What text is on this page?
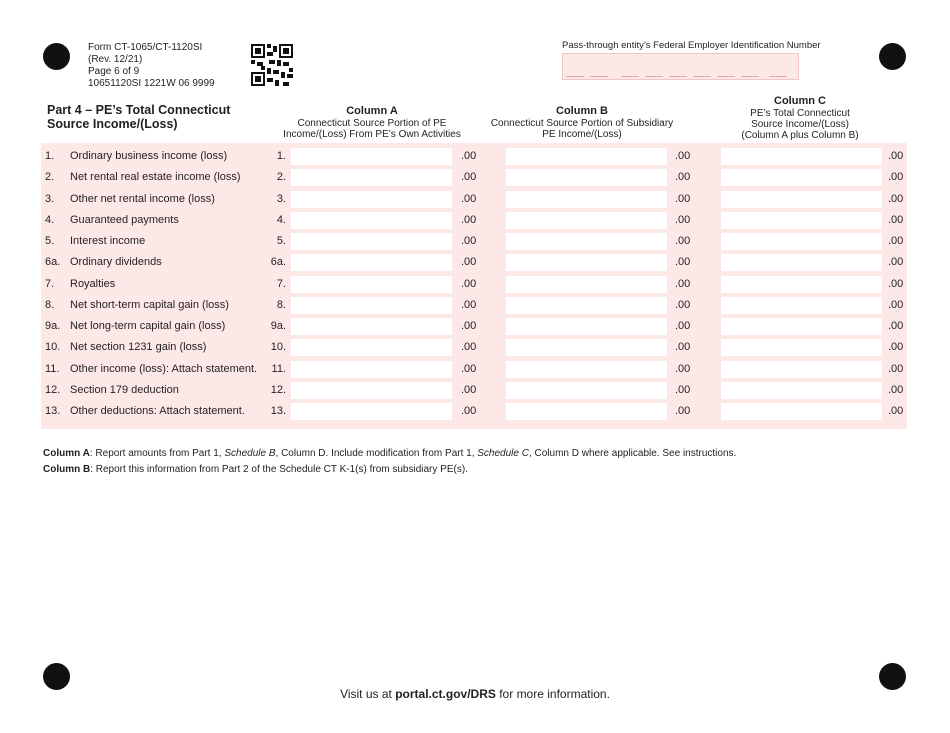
Form CT-1065/CT-1120SI
(Rev. 12/21)
Page 6 of 9
10651120SI 1221W 06 9999
Pass-through entity’s Federal Employer Identification Number
Part 4 – PE’s Total Connecticut
Source Income/(Loss)
Column A
Connecticut Source Portion of PE
Income/(Loss) From PE’s Own Activities
Column B
Connecticut Source Portion of Subsidiary
PE Income/(Loss)
Column C
PE’s Total Connecticut
Source Income/(Loss)
(Column A plus Column B)
1. Ordinary business income (loss)	1.	.00	.00	.00
2. Net rental real estate income (loss)	2.	.00	.00	.00
3. Other net rental income (loss)	3.	.00	.00	.00
4. Guaranteed payments	4.	.00	.00	.00
5. Interest income	5.	.00	.00	.00
6a. Ordinary dividends	6a.	.00	.00	.00
7. Royalties	7.	.00	.00	.00
8. Net short-term capital gain (loss)	8.	.00	.00	.00
9a. Net long-term capital gain (loss)	9a.	.00	.00	.00
10. Net section 1231 gain (loss)	10.	.00	.00	.00
11. Other income (loss): Attach statement.	11.	.00	.00	.00
12. Section 179 deduction	12.	.00	.00	.00
13. Other deductions: Attach statement.	13.	.00	.00	.00
Column A: Report amounts from Part 1, Schedule B, Column D. Include modification from Part 1, Schedule C, Column D where applicable. See instructions.
Column B: Report this information from Part 2 of the Schedule CT K-1(s) from subsidiary PE(s).
Visit us at portal.ct.gov/DRS for more information.
